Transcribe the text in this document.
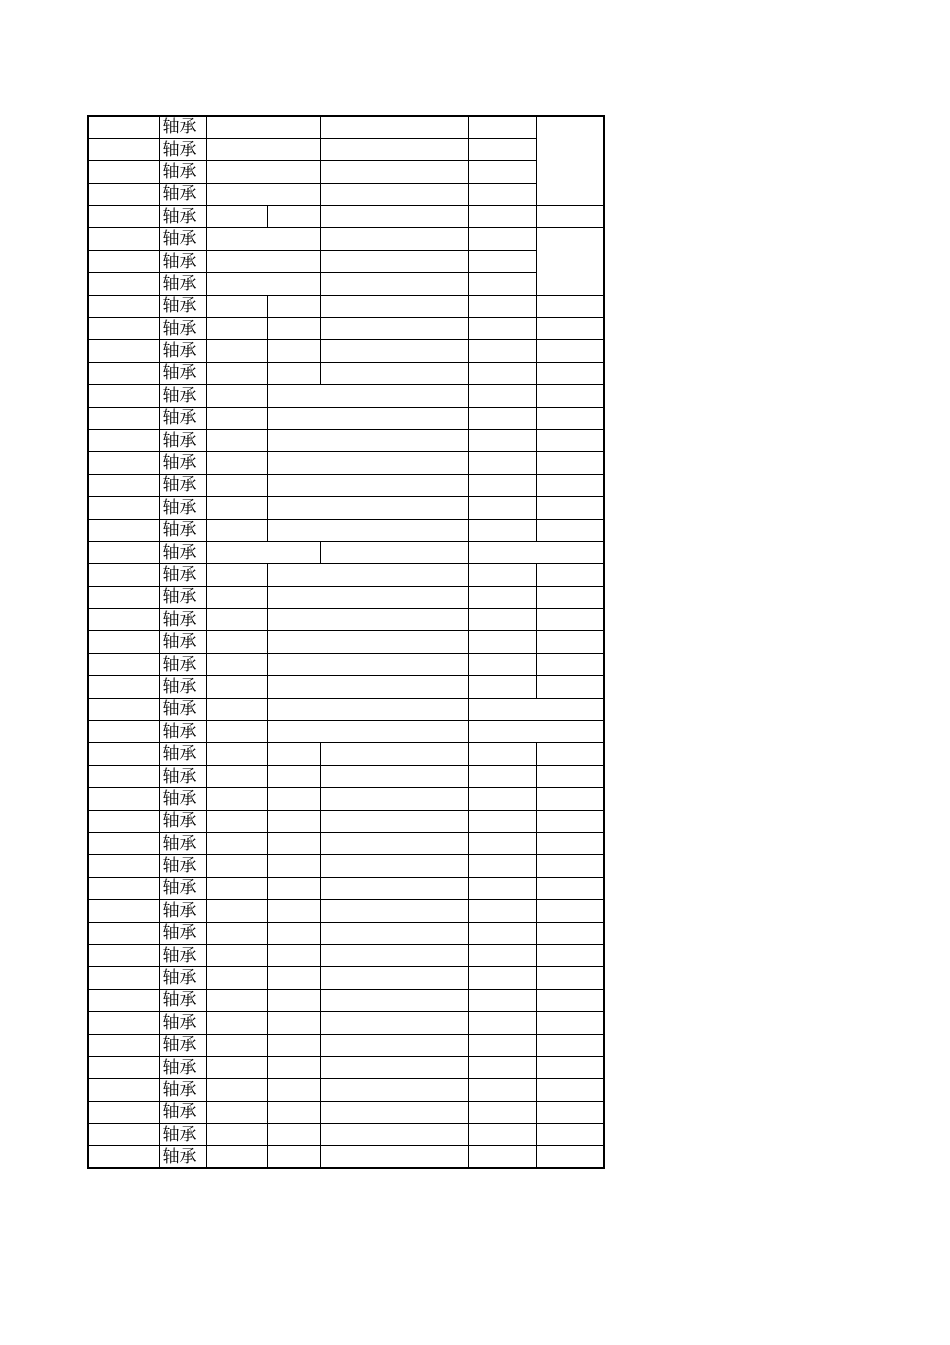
	轴承					
	轴承					
	轴承					
	轴承					
	轴承					
	轴承					
	轴承					
	轴承					
	轴承					
	轴承					
	轴承					
	轴承					
	轴承					
	轴承					
	轴承					
	轴承					
	轴承					
	轴承					
	轴承					
	轴承					
	轴承					
	轴承					
	轴承					
	轴承					
	轴承					
	轴承					
	轴承					
	轴承					
	轴承					
	轴承					
	轴承					
	轴承					
	轴承					
	轴承					
	轴承					
	轴承					
	轴承					
	轴承					
	轴承					
	轴承					
	轴承					
	轴承					
	轴承					
	轴承					
	轴承					
	轴承					
	轴承					
